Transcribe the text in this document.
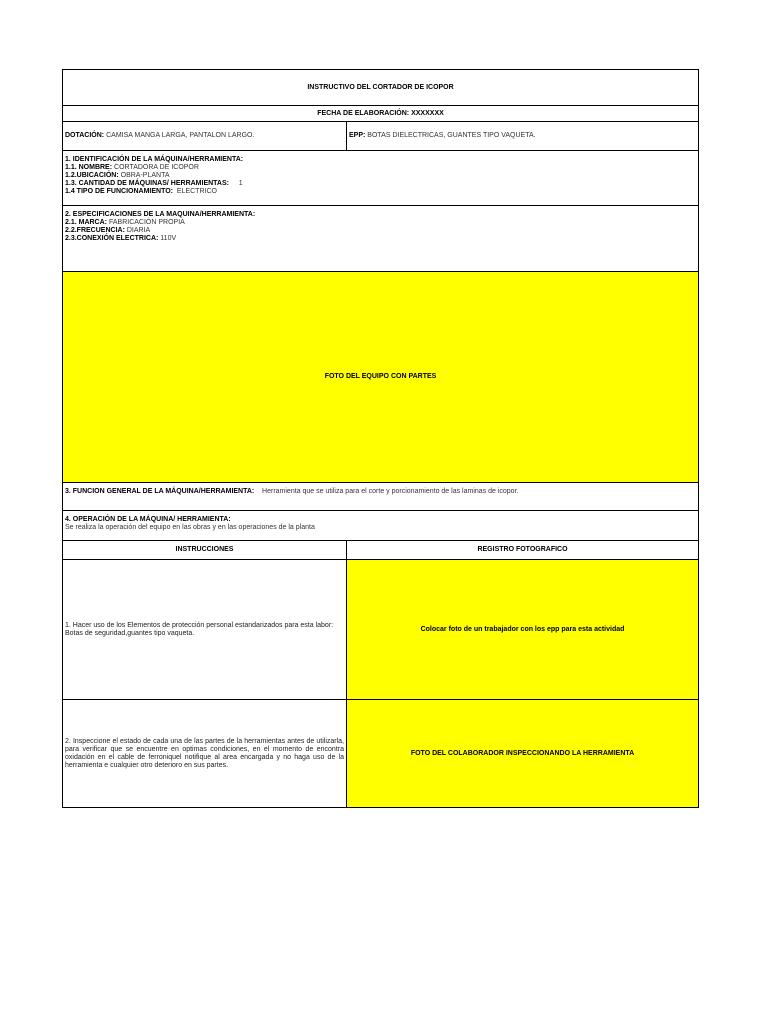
INSTRUCTIVO DEL CORTADOR DE ICOPOR	
FECHA DE ELABORACIÓN: XXXXXXX	
DOTACIÓN: CAMISA MANGA LARGA, PANTALON LARGO.	EPP: BOTAS DIELECTRICAS, GUANTES TIPO VAQUETA.

1. IDENTIFICACIÓN DE LA MÁQUINA/HERRAMIENTA:
1.1. NOMBRE: CORTADORA DE ICOPOR
1.2.UBICACIÓN: OBRA-PLANTA
1.3. CANTIDAD DE MÁQUINAS/ HERRAMIENTAS:     1
1.4 TIPO DE FUNCIONAMIENTO:  ELECTRICO	

2. ESPECIFICACIONES DE LA MAQUINA/HERRAMIENTA:
2.1. MARCA: FABRICACIÓN PROPIA
2.2.FRECUENCIA: DIARIA
2.3.CONEXIÓN ELECTRICA: 110V	

FOTO DEL EQUIPO CON PARTES	
3. FUNCION GENERAL DE LA MÁQUINA/HERRAMIENTA:    Herramienta que se utiliza para el corte y porcionamiento de las laminas de icopor.	

4. OPERACIÓN DE LA MÁQUINA/ HERRAMIENTA:
Se realiza la operación del equipo en las obras y en las operaciones de la planta	

INSTRUCCIONES	REGISTRO FOTOGRAFICO
1. Hacer uso de los Elementos de protección personal estandarizados para esta labor: Botas de seguridad,guantes tipo vaqueta.	Colocar foto de un trabajador con los epp para esta actividad
2. Inspeccione el estado de cada una de las partes de la herramientas antes de utilizarla, para verificar que se encuentre en optimas condiciones, en el momento de encontra oxidación en el cable de ferroniquel notifique al area encargada y no haga uso de la herramienta e cualquier otro deterioro en sus partes.	FOTO DEL COLABORADOR INSPECCIONANDO LA HERRAMIENTA
